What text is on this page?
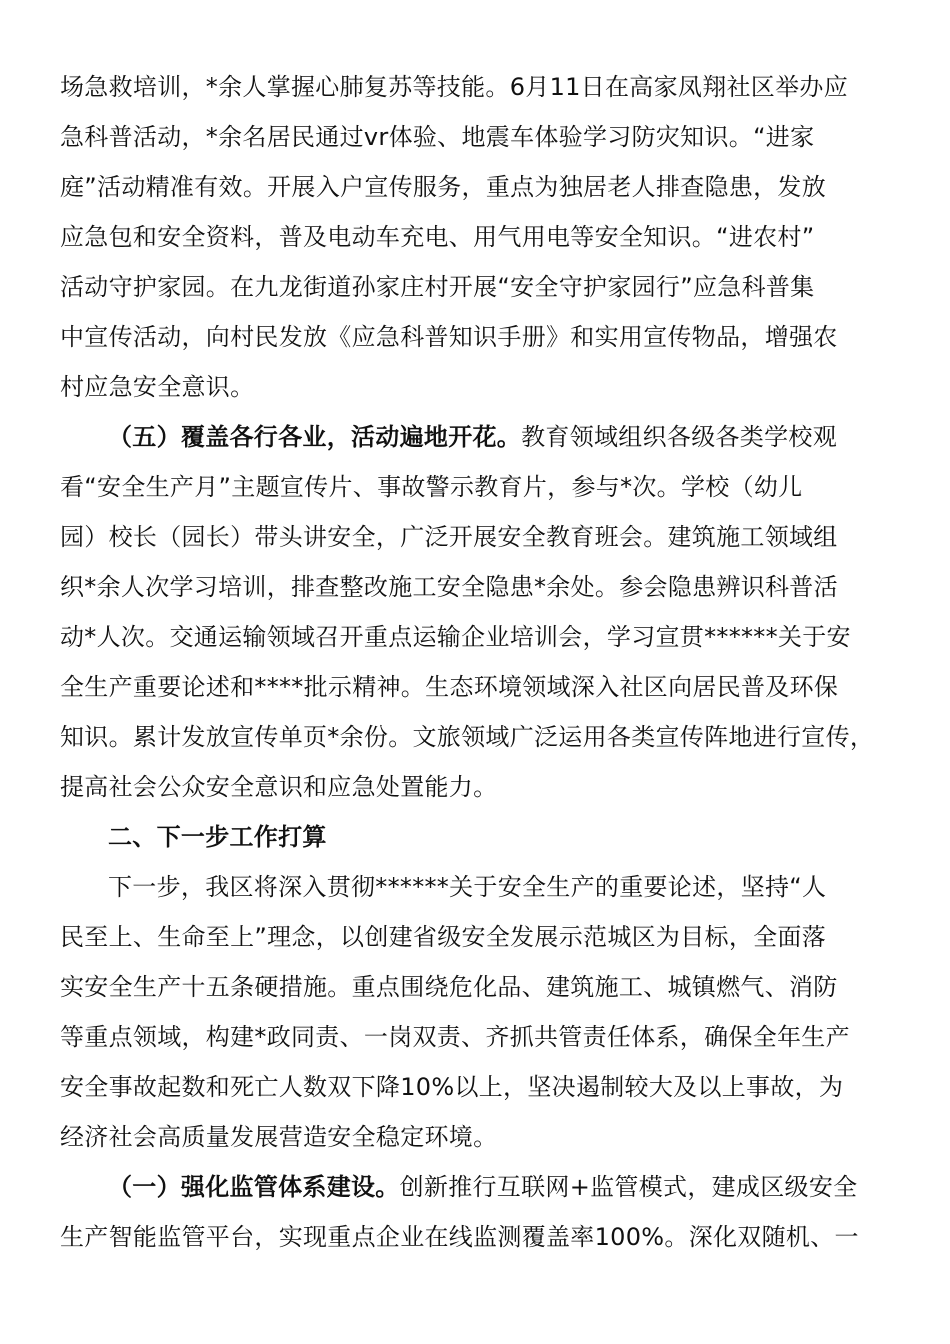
场急救培训，*余人掌握心肺复苏等技能。6月11日在高家凤翔社区举办应
急科普活动，*余名居民通过vr体验、地震车体验学习防灾知识。“进家
庭”活动精准有效。开展入户宣传服务，重点为独居老人排查隐患，发放
应急包和安全资料，普及电动车充电、用气用电等安全知识。“进农村”
活动守护家园。在九龙街道孙家庄村开展“安全守护家园行”应急科普集
中宣传活动，向村民发放《应急科普知识手册》和实用宣传物品，增强农
村应急安全意识。
（五）覆盖各行各业，活动遍地开花。教育领域组织各级各类学校观
看“安全生产月”主题宣传片、事故警示教育片，参与*次。学校（幼儿
园）校长（园长）带头讲安全，广泛开展安全教育班会。建筑施工领域组
织*余人次学习培训，排查整改施工安全隐患*余处。参会隐患辨识科普活
动*人次。交通运输领域召开重点运输企业培训会，学习宣贯******关于安
全生产重要论述和****批示精神。生态环境领域深入社区向居民普及环保
知识。累计发放宣传单页*余份。文旅领域广泛运用各类宣传阵地进行宣传，
提高社会公众安全意识和应急处置能力。
二、下一步工作打算
下一步，我区将深入贯彻******关于安全生产的重要论述，坚持“人
民至上、生命至上”理念，以创建省级安全发展示范城区为目标，全面落
实安全生产十五条硬措施。重点围绕危化品、建筑施工、城镇燃气、消防
等重点领域，构建*政同责、一岗双责、齐抓共管责任体系，确保全年生产
安全事故起数和死亡人数双下降10%以上，坚决遏制较大及以上事故，为
经济社会高质量发展营造安全稳定环境。
（一）强化监管体系建设。创新推行互联网+监管模式，建成区级安全
生产智能监管平台，实现重点企业在线监测覆盖率100%。深化双随机、一
